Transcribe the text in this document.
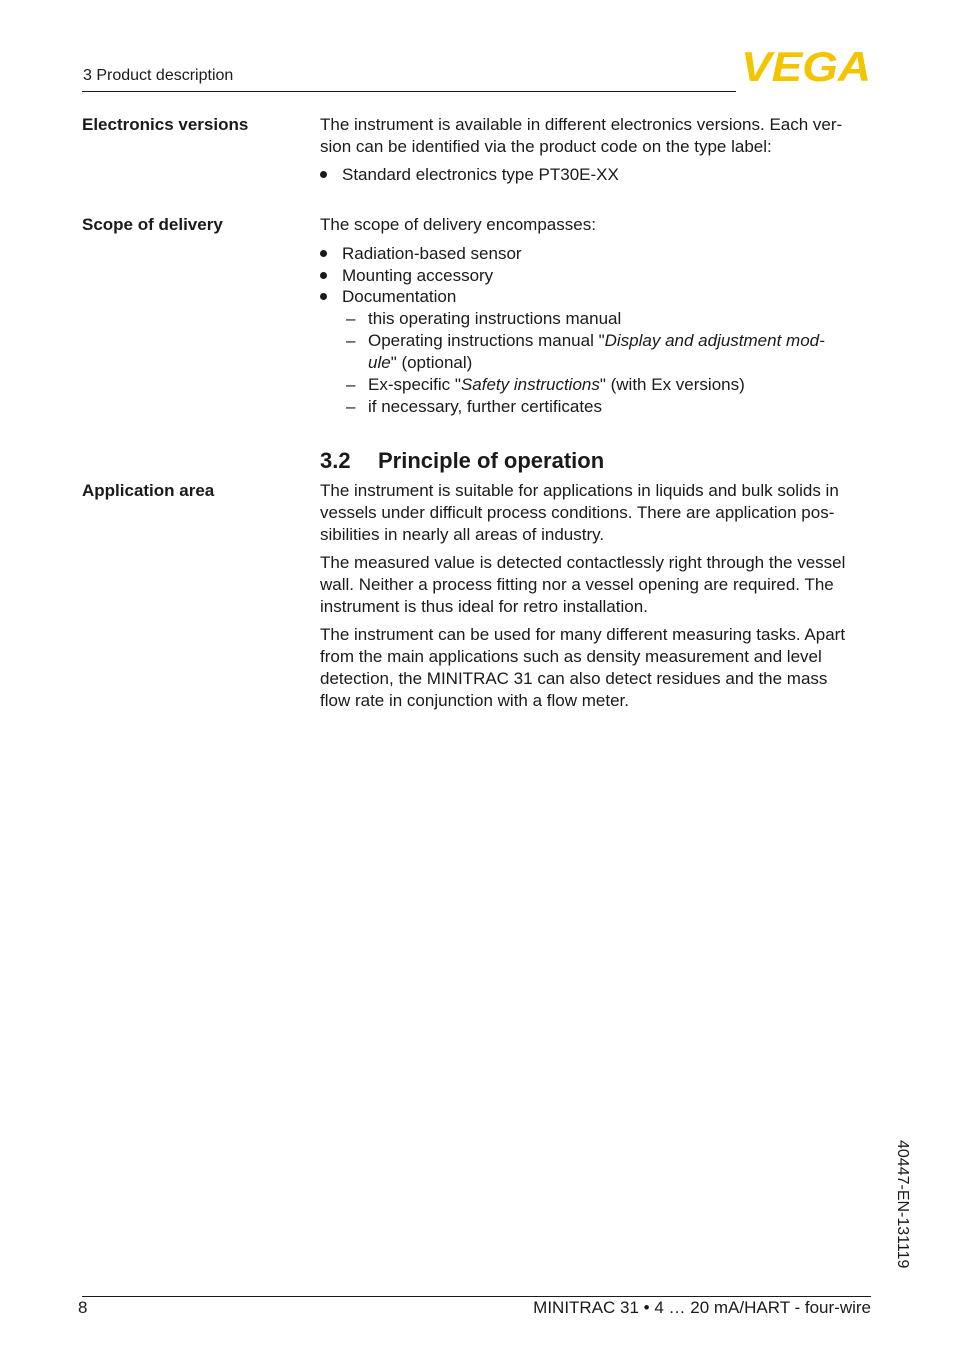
3 Product description	VEGA
Electronics versions	The instrument is available in different electronics versions. Each ver-
sion can be identified via the product code on the type label:
Standard electronics type PT30E-XX
Scope of delivery	The scope of delivery encompasses:
Radiation-based sensor
Mounting accessory
Documentation
– this operating instructions manual
– Operating instructions manual "Display and adjustment mod-
ule" (optional)
– Ex-specific "Safety instructions" (with Ex versions)
– if necessary, further certificates
3.2 Principle of operation
Application area	The instrument is suitable for applications in liquids and bulk solids in
vessels under difficult process conditions. There are application pos-
sibilities in nearly all areas of industry.
The measured value is detected contactlessly right through the vessel
wall. Neither a process fitting nor a vessel opening are required. The
instrument is thus ideal for retro installation.
The instrument can be used for many different measuring tasks. Apart
from the main applications such as density measurement and level
detection, the MINITRAC 31 can also detect residues and the mass
flow rate in conjunction with a flow meter.
40447-EN-131119
8	MINITRAC 31 • 4 … 20 mA/HART - four-wire
